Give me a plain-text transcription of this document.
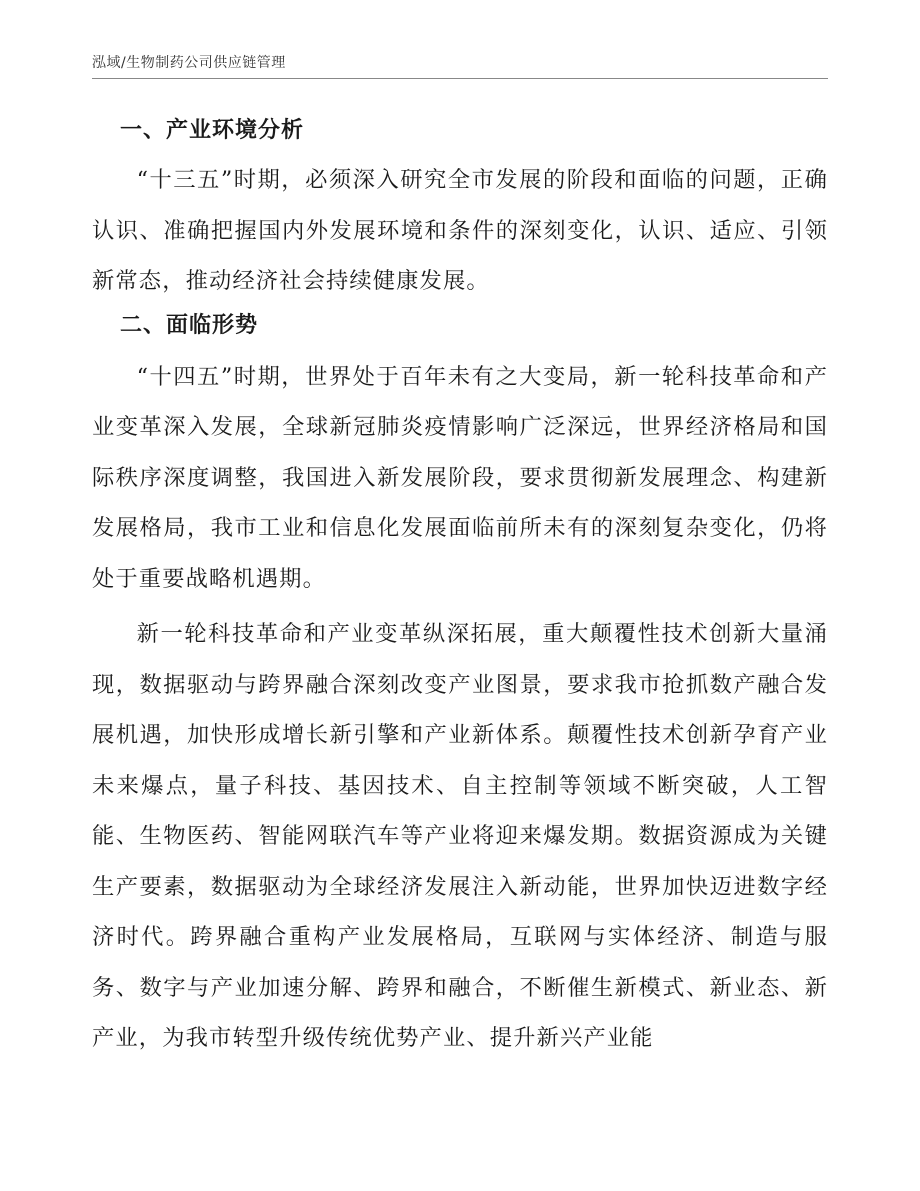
泓域/生物制药公司供应链管理
一、产业环境分析

“十三五”时期，必须深入研究全市发展的阶段和面临的问题，正确认识、准确把握国内外发展环境和条件的深刻变化，认识、适应、引领新常态，推动经济社会持续健康发展。

二、面临形势

“十四五”时期，世界处于百年未有之大变局，新一轮科技革命和产业变革深入发展，全球新冠肺炎疫情影响广泛深远，世界经济格局和国际秩序深度调整，我国进入新发展阶段，要求贯彻新发展理念、构建新发展格局，我市工业和信息化发展面临前所未有的深刻复杂变化，仍将处于重要战略机遇期。

新一轮科技革命和产业变革纵深拓展，重大颠覆性技术创新大量涌现，数据驱动与跨界融合深刻改变产业图景，要求我市抢抓数产融合发展机遇，加快形成增长新引擎和产业新体系。颠覆性技术创新孕育产业未来爆点，量子科技、基因技术、自主控制等领域不断突破，人工智能、生物医药、智能网联汽车等产业将迎来爆发期。数据资源成为关键生产要素，数据驱动为全球经济发展注入新动能，世界加快迈进数字经济时代。跨界融合重构产业发展格局，互联网与实体经济、制造与服务、数字与产业加速分解、跨界和融合，不断催生新模式、新业态、新产业，为我市转型升级传统优势产业、提升新兴产业能
